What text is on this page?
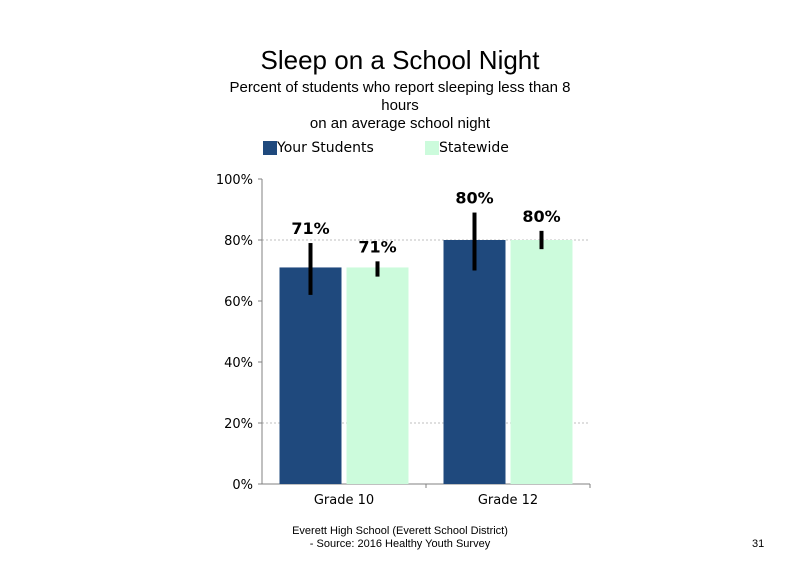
Sleep on a School Night
Percent of students who report sleeping less than 8
hours
on an average school night
Your Students	Statewide
0%
20%
40%
60%
80%
100%
Grade 10
71%
71%
Grade 12
80%
80%
Everett High School (Everett School District)
- Source: 2016 Healthy Youth Survey	31
